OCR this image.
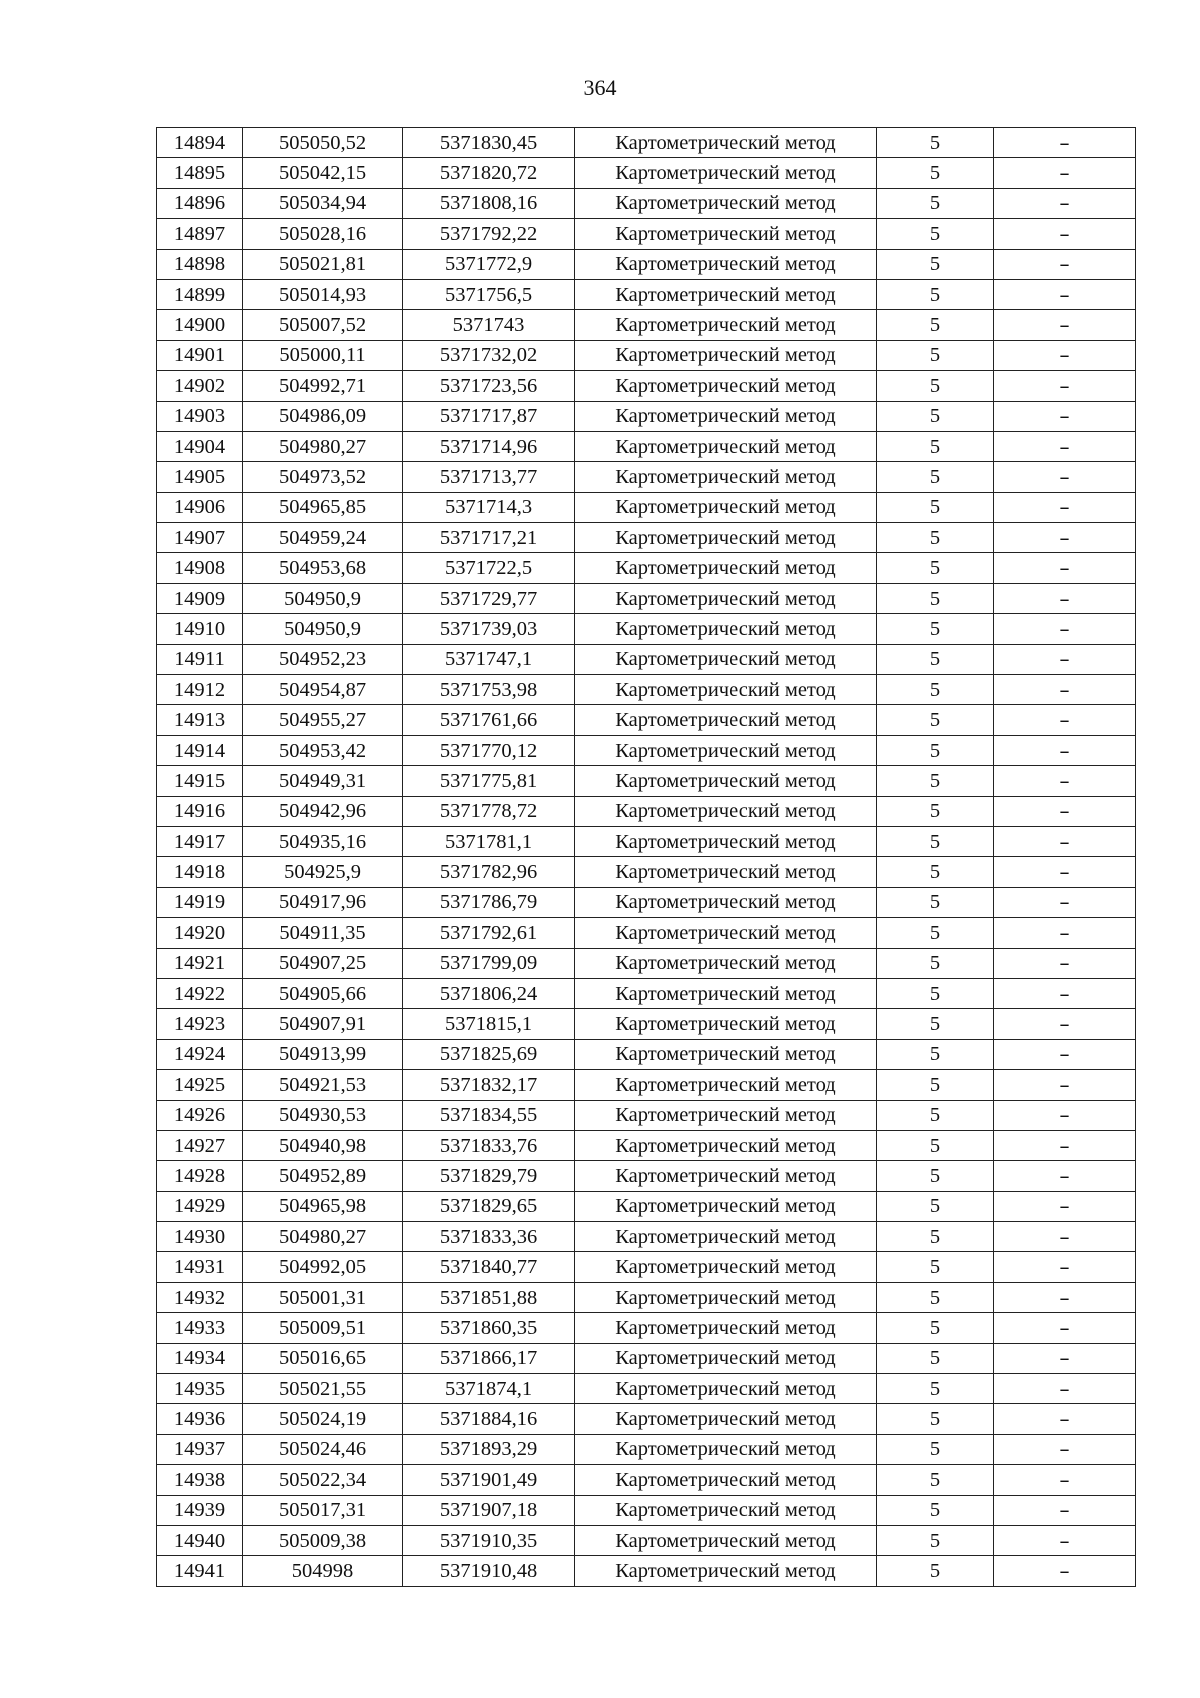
364
14894	505050,52	5371830,45	Картометрический метод	5	–
14895	505042,15	5371820,72	Картометрический метод	5	–
14896	505034,94	5371808,16	Картометрический метод	5	–
14897	505028,16	5371792,22	Картометрический метод	5	–
14898	505021,81	5371772,9	Картометрический метод	5	–
14899	505014,93	5371756,5	Картометрический метод	5	–
14900	505007,52	5371743	Картометрический метод	5	–
14901	505000,11	5371732,02	Картометрический метод	5	–
14902	504992,71	5371723,56	Картометрический метод	5	–
14903	504986,09	5371717,87	Картометрический метод	5	–
14904	504980,27	5371714,96	Картометрический метод	5	–
14905	504973,52	5371713,77	Картометрический метод	5	–
14906	504965,85	5371714,3	Картометрический метод	5	–
14907	504959,24	5371717,21	Картометрический метод	5	–
14908	504953,68	5371722,5	Картометрический метод	5	–
14909	504950,9	5371729,77	Картометрический метод	5	–
14910	504950,9	5371739,03	Картометрический метод	5	–
14911	504952,23	5371747,1	Картометрический метод	5	–
14912	504954,87	5371753,98	Картометрический метод	5	–
14913	504955,27	5371761,66	Картометрический метод	5	–
14914	504953,42	5371770,12	Картометрический метод	5	–
14915	504949,31	5371775,81	Картометрический метод	5	–
14916	504942,96	5371778,72	Картометрический метод	5	–
14917	504935,16	5371781,1	Картометрический метод	5	–
14918	504925,9	5371782,96	Картометрический метод	5	–
14919	504917,96	5371786,79	Картометрический метод	5	–
14920	504911,35	5371792,61	Картометрический метод	5	–
14921	504907,25	5371799,09	Картометрический метод	5	–
14922	504905,66	5371806,24	Картометрический метод	5	–
14923	504907,91	5371815,1	Картометрический метод	5	–
14924	504913,99	5371825,69	Картометрический метод	5	–
14925	504921,53	5371832,17	Картометрический метод	5	–
14926	504930,53	5371834,55	Картометрический метод	5	–
14927	504940,98	5371833,76	Картометрический метод	5	–
14928	504952,89	5371829,79	Картометрический метод	5	–
14929	504965,98	5371829,65	Картометрический метод	5	–
14930	504980,27	5371833,36	Картометрический метод	5	–
14931	504992,05	5371840,77	Картометрический метод	5	–
14932	505001,31	5371851,88	Картометрический метод	5	–
14933	505009,51	5371860,35	Картометрический метод	5	–
14934	505016,65	5371866,17	Картометрический метод	5	–
14935	505021,55	5371874,1	Картометрический метод	5	–
14936	505024,19	5371884,16	Картометрический метод	5	–
14937	505024,46	5371893,29	Картометрический метод	5	–
14938	505022,34	5371901,49	Картометрический метод	5	–
14939	505017,31	5371907,18	Картометрический метод	5	–
14940	505009,38	5371910,35	Картометрический метод	5	–
14941	504998	5371910,48	Картометрический метод	5	–
